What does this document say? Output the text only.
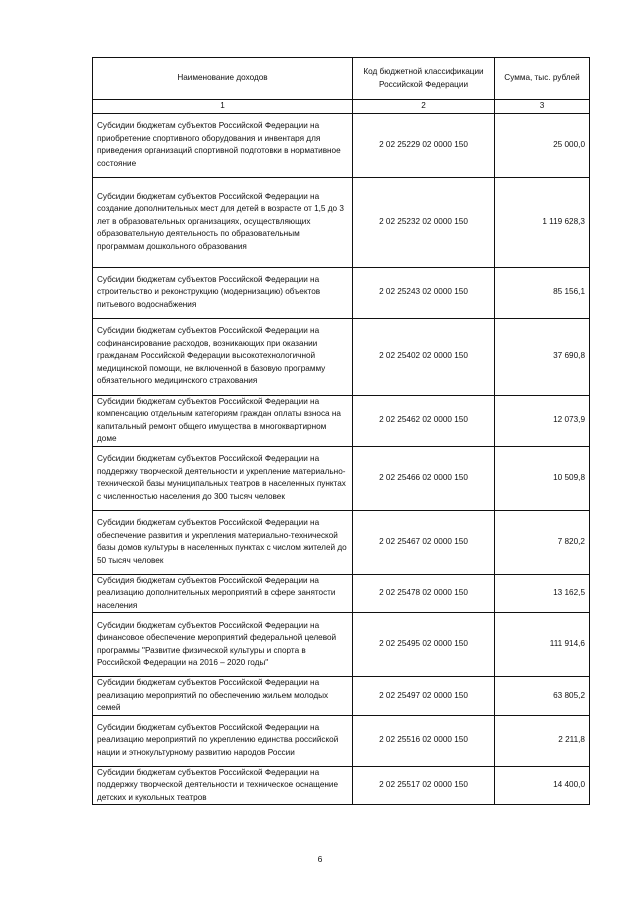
Наименование доходов	Код бюджетной классификации Российской Федерации	Сумма, тыс. рублей
1	2	3
Субсидии бюджетам субъектов Российской Федерации на приобретение спортивного оборудования и инвентаря для приведения организаций спортивной подготовки в нормативное состояние	2 02 25229 02 0000 150	25 000,0
Субсидии бюджетам субъектов Российской Федерации на создание дополнительных мест для детей в возрасте от 1,5 до 3 лет в образовательных организациях, осуществляющих образовательную деятельность по образовательным программам дошкольного образования	2 02 25232 02 0000 150	1 119 628,3
Субсидии бюджетам субъектов Российской Федерации на строительство и реконструкцию (модернизацию) объектов питьевого водоснабжения	2 02 25243 02 0000 150	85 156,1
Субсидии бюджетам субъектов Российской Федерации на софинансирование расходов, возникающих при оказании гражданам Российской Федерации высокотехнологичной медицинской помощи, не включенной в базовую программу обязательного медицинского страхования	2 02 25402 02 0000 150	37 690,8
Субсидии бюджетам субъектов Российской Федерации на компенсацию отдельным категориям граждан оплаты взноса на капитальный ремонт общего имущества в многоквартирном доме	2 02 25462 02 0000 150	12 073,9
Субсидии бюджетам субъектов Российской Федерации на поддержку творческой деятельности и укрепление материально-технической базы муниципальных театров в населенных пунктах с численностью населения до 300 тысяч человек	2 02 25466 02 0000 150	10 509,8
Субсидии бюджетам субъектов Российской Федерации на обеспечение развития и укрепления материально-технической базы домов культуры в населенных пунктах с числом жителей до 50 тысяч человек	2 02 25467 02 0000 150	7 820,2
Субсидия бюджетам субъектов Российской Федерации на реализацию дополнительных мероприятий в сфере занятости населения	2 02 25478 02 0000 150	13 162,5
Субсидии бюджетам субъектов Российской Федерации на финансовое обеспечение мероприятий федеральной целевой программы "Развитие физической культуры и спорта в Российской Федерации на 2016 – 2020 годы"	2 02 25495 02 0000 150	111 914,6
Субсидии бюджетам субъектов Российской Федерации на реализацию мероприятий по обеспечению жильем молодых семей	2 02 25497 02 0000 150	63 805,2
Субсидии бюджетам субъектов Российской Федерации на реализацию мероприятий по укреплению единства российской нации и этнокультурному развитию народов России	2 02 25516 02 0000 150	2 211,8
Субсидии бюджетам субъектов Российской Федерации на поддержку творческой деятельности и техническое оснащение детских и кукольных театров	2 02 25517 02 0000 150	14 400,0
6
